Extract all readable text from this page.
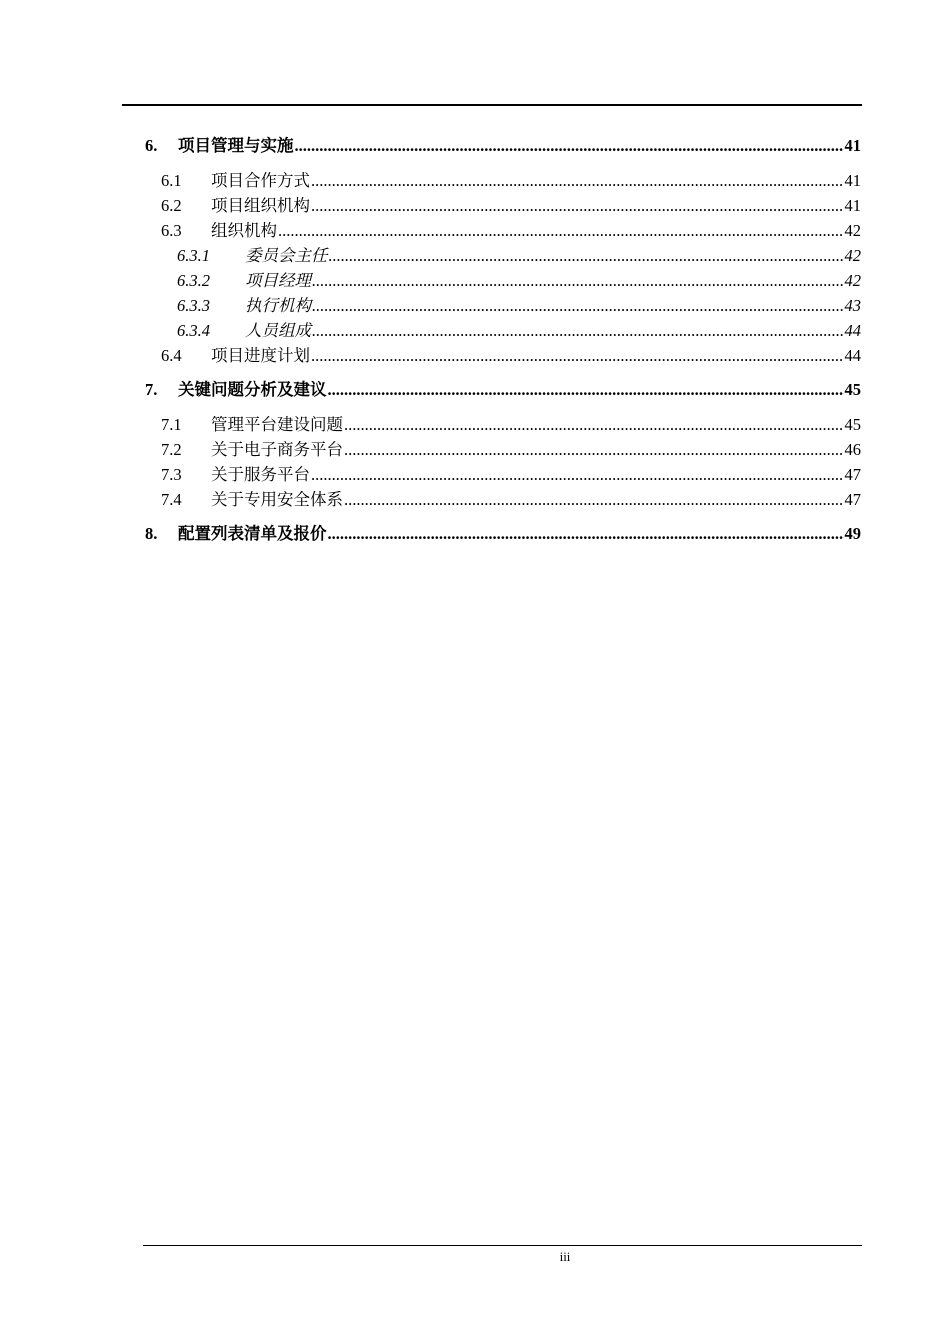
6.	项目管理与实施 .....	41
6.1	项目合作方式 .....	41
6.2	项目组织机构 .....	41
6.3	组织机构 .....	42
6.3.1	委员会主任 .....	42
6.3.2	项目经理 .....	42
6.3.3	执行机构 .....	43
6.3.4	人员组成 .....	44
6.4	项目进度计划 .....	44
7.	关键问题分析及建议 .....	45
7.1	管理平台建设问题 .....	45
7.2	关于电子商务平台 .....	46
7.3	关于服务平台 .....	47
7.4	关于专用安全体系 .....	47
8.	配置列表清单及报价 .....	49
iii
